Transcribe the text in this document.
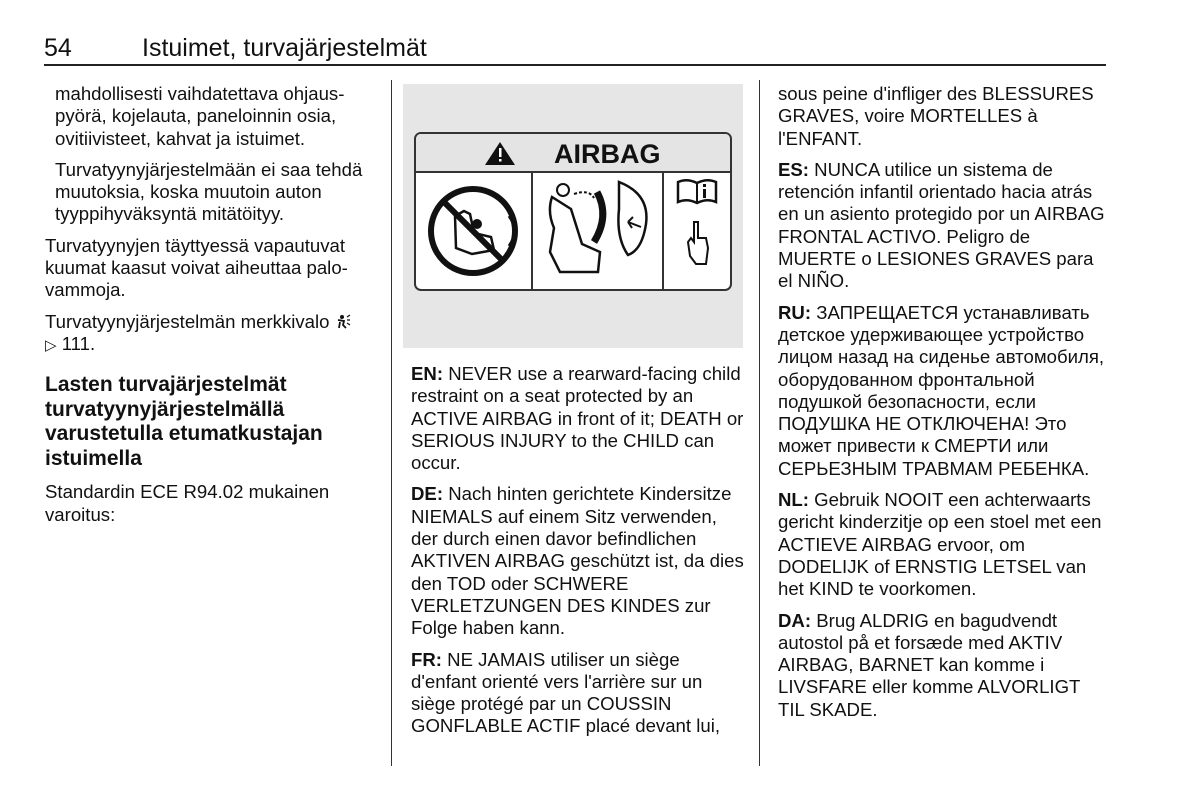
54	Istuimet, turvajärjestelmät

mahdollisesti vaihdatettava ohjauspyörä, kojelauta, paneloinnin osia, ovitiivisteet, kahvat ja istuimet.

Turvatyynyjärjestelmään ei saa tehdä muutoksia, koska muutoin auton tyyppihyväksyntä mitätöityy.

Turvatyynyjen täyttyessä vapautuvat kuumat kaasut voivat aiheuttaa palovammoja.

Turvatyynyjärjestelmän merkkivalo
▷ 111.

Lasten turvajärjestelmät turvatyynyjärjestelmällä varustetulla etumatkustajan istuimella

Standardin ECE R94.02 mukainen varoitus:

AIRBAG

EN: NEVER use a rearward-facing child restraint on a seat protected by an ACTIVE AIRBAG in front of it; DEATH or SERIOUS INJURY to the CHILD can occur.

DE: Nach hinten gerichtete Kindersitze NIEMALS auf einem Sitz verwenden, der durch einen davor befindlichen AKTIVEN AIRBAG geschützt ist, da dies den TOD oder SCHWERE VERLETZUNGEN DES KINDES zur Folge haben kann.

FR: NE JAMAIS utiliser un siège d'enfant orienté vers l'arrière sur un siège protégé par un COUSSIN GONFLABLE ACTIF placé devant lui,

sous peine d'infliger des BLESSURES GRAVES, voire MORTELLES à l'ENFANT.

ES: NUNCA utilice un sistema de retención infantil orientado hacia atrás en un asiento protegido por un AIRBAG FRONTAL ACTIVO. Peligro de MUERTE o LESIONES GRAVES para el NIÑO.

RU: ЗАПРЕЩАЕТСЯ устанавливать детское удерживающее устройство лицом назад на сиденье автомобиля, оборудованном фронтальной подушкой безопасности, если ПОДУШКА НЕ ОТКЛЮЧЕНА! Это может привести к СМЕРТИ или СЕРЬЕЗНЫМ ТРАВМАМ РЕБЕНКА.

NL: Gebruik NOOIT een achterwaarts gericht kinderzitje op een stoel met een ACTIEVE AIRBAG ervoor, om DODELIJK of ERNSTIG LETSEL van het KIND te voorkomen.

DA: Brug ALDRIG en bagudvendt autostol på et forsæde med AKTIV AIRBAG, BARNET kan komme i LIVSFARE eller komme ALVORLIGT TIL SKADE.
